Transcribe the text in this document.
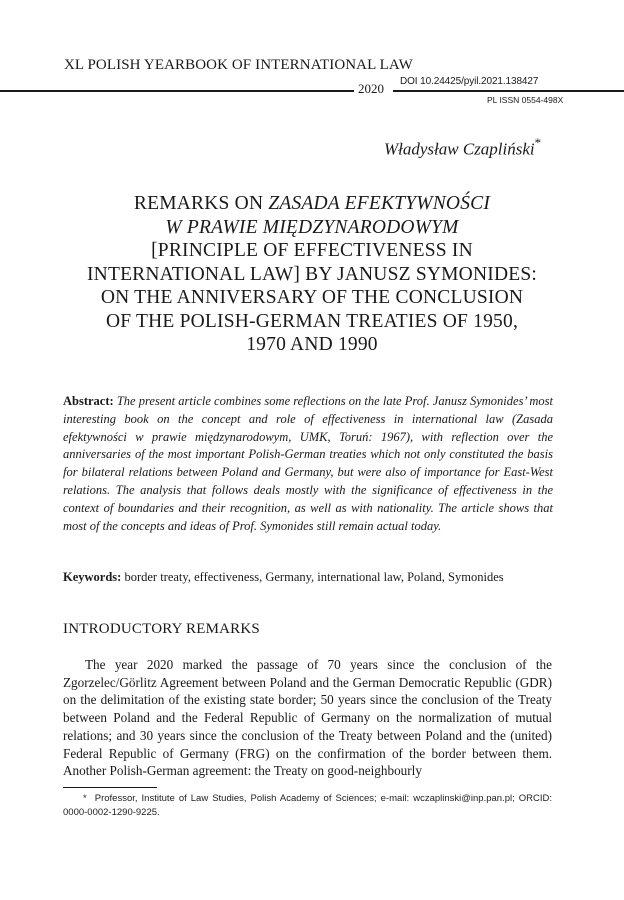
XL POLISH YEARBOOK OF INTERNATIONAL LAW
2020 DOI 10.24425/pyil.2021.138427
PL ISSN 0554-498X
Władysław Czapliński*
REMARKS ON ZASADA EFEKTYWNOŚCI
W PRAWIE MIĘDZYNARODOWYM
[PRINCIPLE OF EFFECTIVENESS IN
INTERNATIONAL LAW] BY JANUSZ SYMONIDES:
ON THE ANNIVERSARY OF THE CONCLUSION
OF THE POLISH-GERMAN TREATIES OF 1950,
1970 AND 1990
Abstract: The present article combines some reflections on the late Prof. Janusz Symonides’ most interesting book on the concept and role of effectiveness in international law (Zasada efektywności w prawie międzynarodowym, UMK, Toruń: 1967), with reflection over the anniversaries of the most important Polish-German treaties which not only constituted the basis for bilateral relations between Poland and Germany, but were also of importance for East-West relations. The analysis that follows deals mostly with the significance of effectiveness in the context of boundaries and their recognition, as well as with nationality. The article shows that most of the concepts and ideas of Prof. Symonides still remain actual today.
Keywords: border treaty, effectiveness, Germany, international law, Poland, Symonides
INTRODUCTORY REMARKS
The year 2020 marked the passage of 70 years since the conclusion of the Zgorzelec/Görlitz Agreement between Poland and the German Democratic Republic (GDR) on the delimitation of the existing state border; 50 years since the conclusion of the Treaty between Poland and the Federal Republic of Germany on the normalization of mutual relations; and 30 years since the conclusion of the Treaty between Poland and the (united) Federal Republic of Germany (FRG) on the confirmation of the border between them. Another Polish-German agreement: the Treaty on good-neighbourly
* Professor, Institute of Law Studies, Polish Academy of Sciences; e-mail: wczaplinski@inp.pan.pl; ORCID: 0000-0002-1290-9225.
